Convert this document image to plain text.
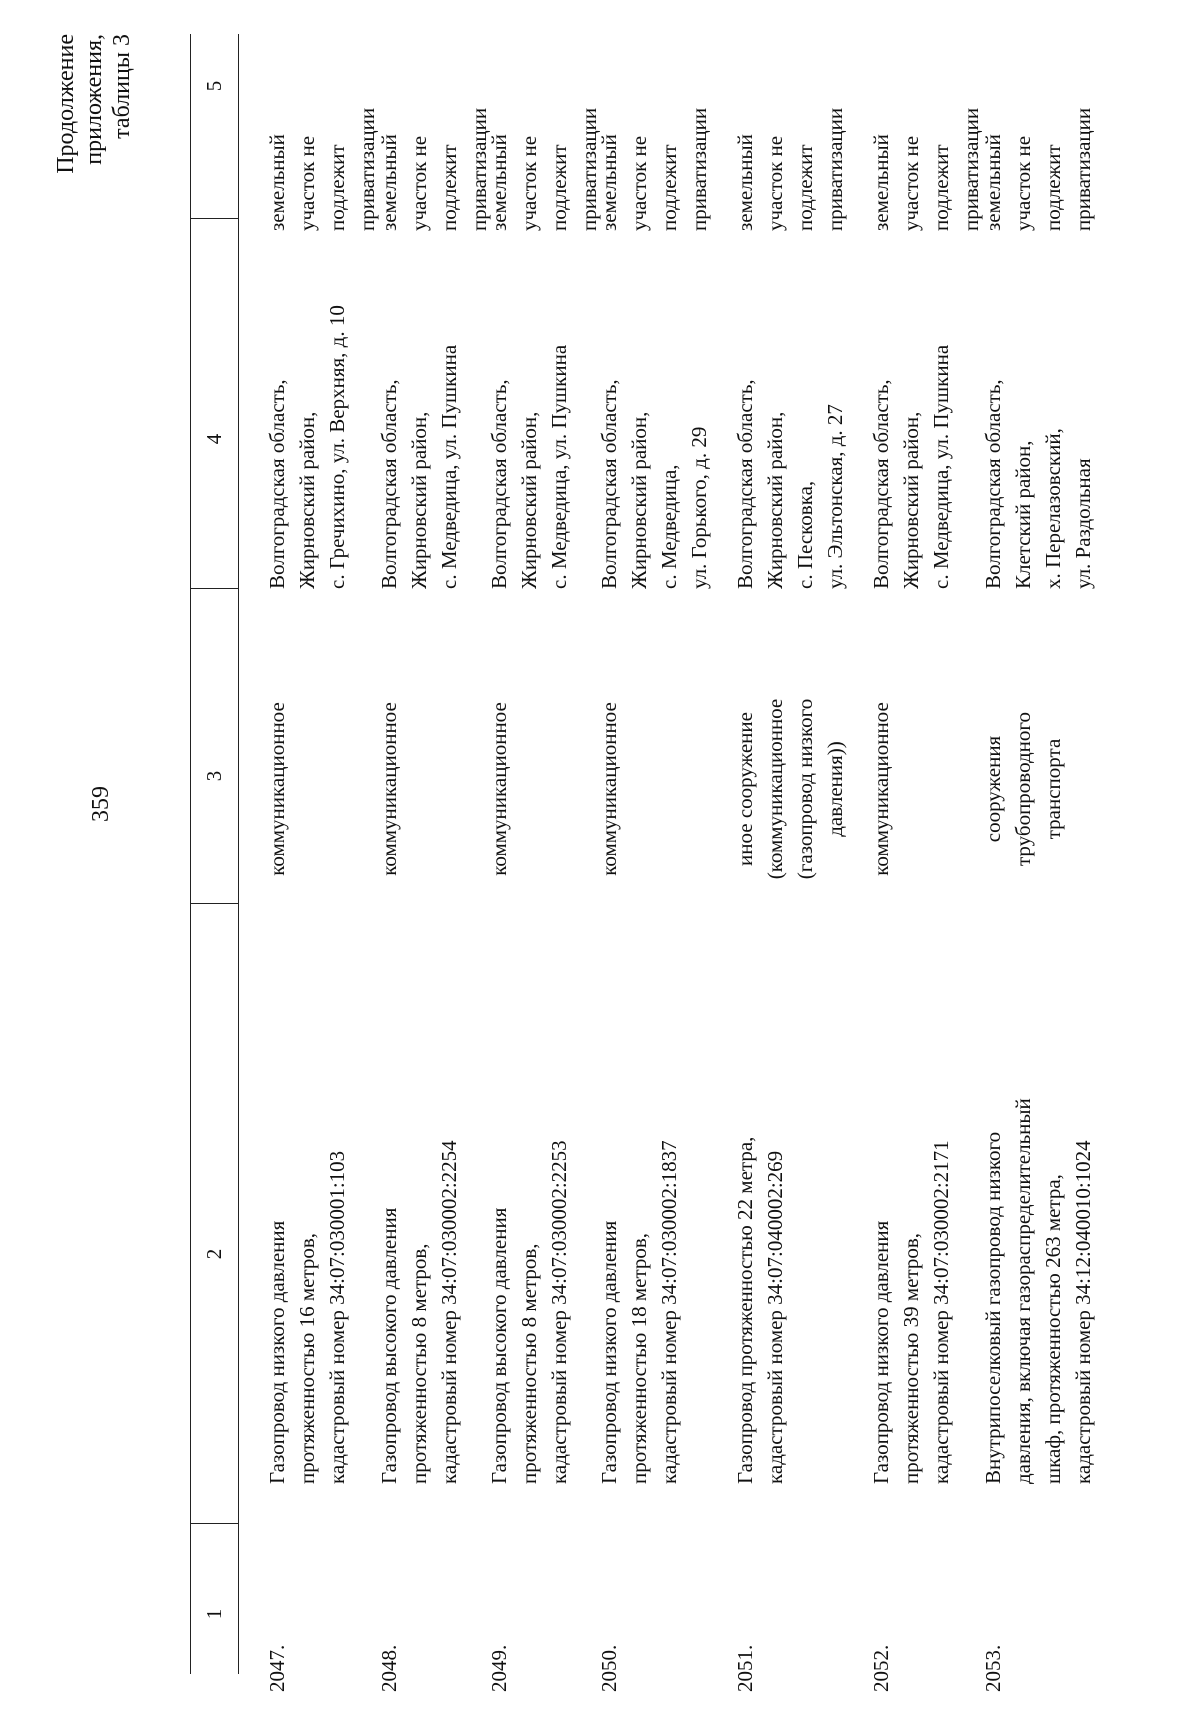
359
Продолжение приложения, таблицы 3
1
2
3
4
5
2047.
Газопровод низкого давления
протяженностью 16 метров,
кадастровый номер 34:07:030001:103
коммуникационное
Волгоградская область,
Жирновский район,
с. Гречихино, ул. Верхняя, д. 10
земельный участок не подлежит приватизации
2048.
Газопровод высокого давления
протяженностью 8 метров,
кадастровый номер 34:07:030002:2254
коммуникационное
Волгоградская область,
Жирновский район,
с. Медведица, ул. Пушкина
земельный участок не подлежит приватизации
2049.
Газопровод высокого давления
протяженностью 8 метров,
кадастровый номер 34:07:030002:2253
коммуникационное
Волгоградская область,
Жирновский район,
с. Медведица, ул. Пушкина
земельный участок не подлежит приватизации
2050.
Газопровод низкого давления
протяженностью 18 метров,
кадастровый номер 34:07:030002:1837
коммуникационное
Волгоградская область,
Жирновский район,
с. Медведица,
ул. Горького, д. 29
земельный участок не подлежит приватизации
2051.
Газопровод протяженностью 22 метра,
кадастровый номер 34:07:040002:269
иное сооружение
(коммуникационное
(газопровод низкого
давления))
Волгоградская область,
Жирновский район,
с. Песковка,
ул. Эльтонская, д. 27
земельный участок не подлежит приватизации
2052.
Газопровод низкого давления
протяженностью 39 метров,
кадастровый номер 34:07:030002:2171
коммуникационное
Волгоградская область,
Жирновский район,
с. Медведица, ул. Пушкина
земельный участок не подлежит приватизации
2053.
Внутрипоселковый газопровод низкого
давления, включая газораспределительный
шкаф, протяженностью 263 метра,
кадастровый номер 34:12:040010:1024
сооружения
трубопроводного
транспорта
Волгоградская область,
Клетский район,
х. Перелазовский,
ул. Раздольная
земельный участок не подлежит приватизации
